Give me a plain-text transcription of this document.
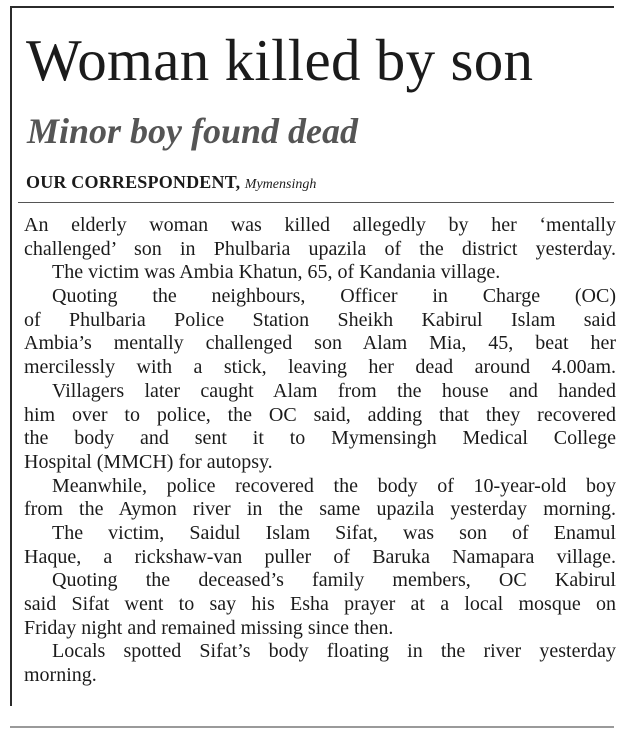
Woman killed by son
Minor boy found dead

OUR CORRESPONDENT, Mymensingh

An elderly woman was killed allegedly by her ‘mentally
challenged’ son in Phulbaria upazila of the district yesterday.
The victim was Ambia Khatun, 65, of Kandania village.
Quoting the neighbours, Officer in Charge (OC)
of Phulbaria Police Station Sheikh Kabirul Islam said
Ambia’s mentally challenged son Alam Mia, 45, beat her
mercilessly with a stick, leaving her dead around 4.00am.
Villagers later caught Alam from the house and handed
him over to police, the OC said, adding that they recovered
the body and sent it to Mymensingh Medical College
Hospital (MMCH) for autopsy.
Meanwhile, police recovered the body of 10-year-old boy
from the Aymon river in the same upazila yesterday morning.
The victim, Saidul Islam Sifat, was son of Enamul
Haque, a rickshaw-van puller of Baruka Namapara village.
Quoting the deceased’s family members, OC Kabirul
said Sifat went to say his Esha prayer at a local mosque on
Friday night and remained missing since then.
Locals spotted Sifat’s body floating in the river yesterday
morning.
